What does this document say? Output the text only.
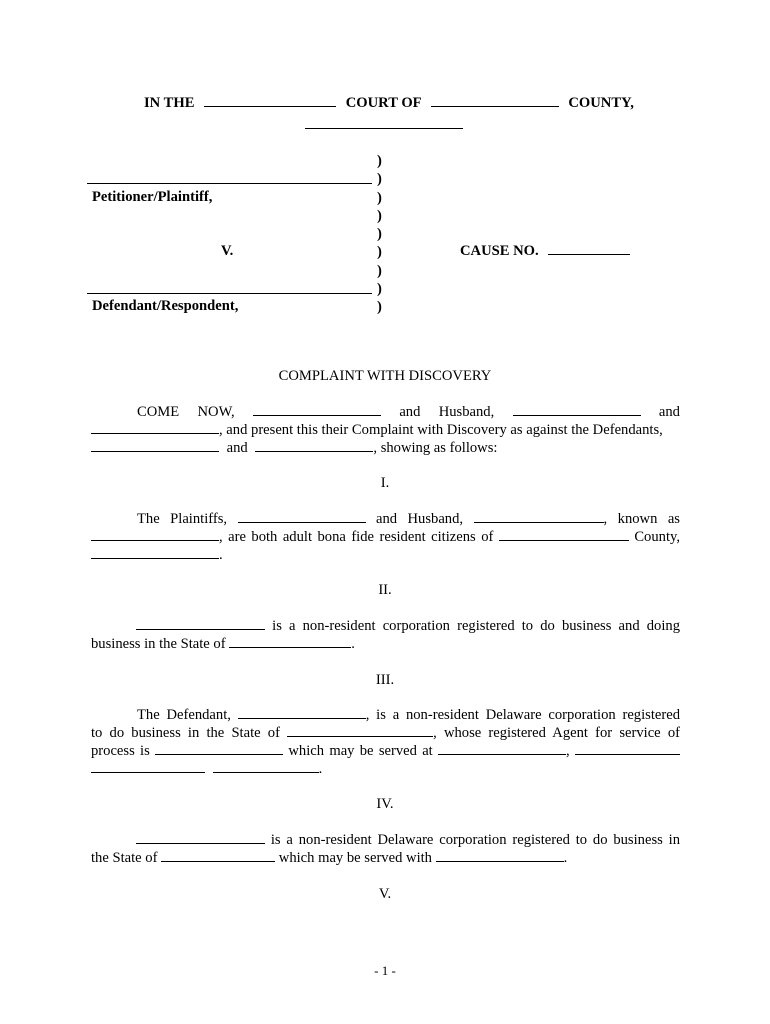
IN THE	COURT OF	COUNTY,
Petitioner/Plaintiff,
V.	CAUSE NO.
Defendant/Respondent,
)
)
)
)
)
)
)
)
)
COMPLAINT WITH DISCOVERY
COME NOW,	and Husband,	and
, and present this their Complaint with Discovery as against the Defendants,
and	, showing as follows:
I.
The Plaintiffs,	and Husband,	, known as
, are both adult bona fide resident citizens of	County,
.
II.
is a non-resident corporation registered to do business and doing
business in the State of	.
III.
The Defendant,	, is a non-resident Delaware corporation registered
to do business in the State of	, whose registered Agent for service of
process is	which may be served at	,
.
IV.
is a non-resident Delaware corporation registered to do business in
the State of	which may be served with	.
V.
- 1 -
